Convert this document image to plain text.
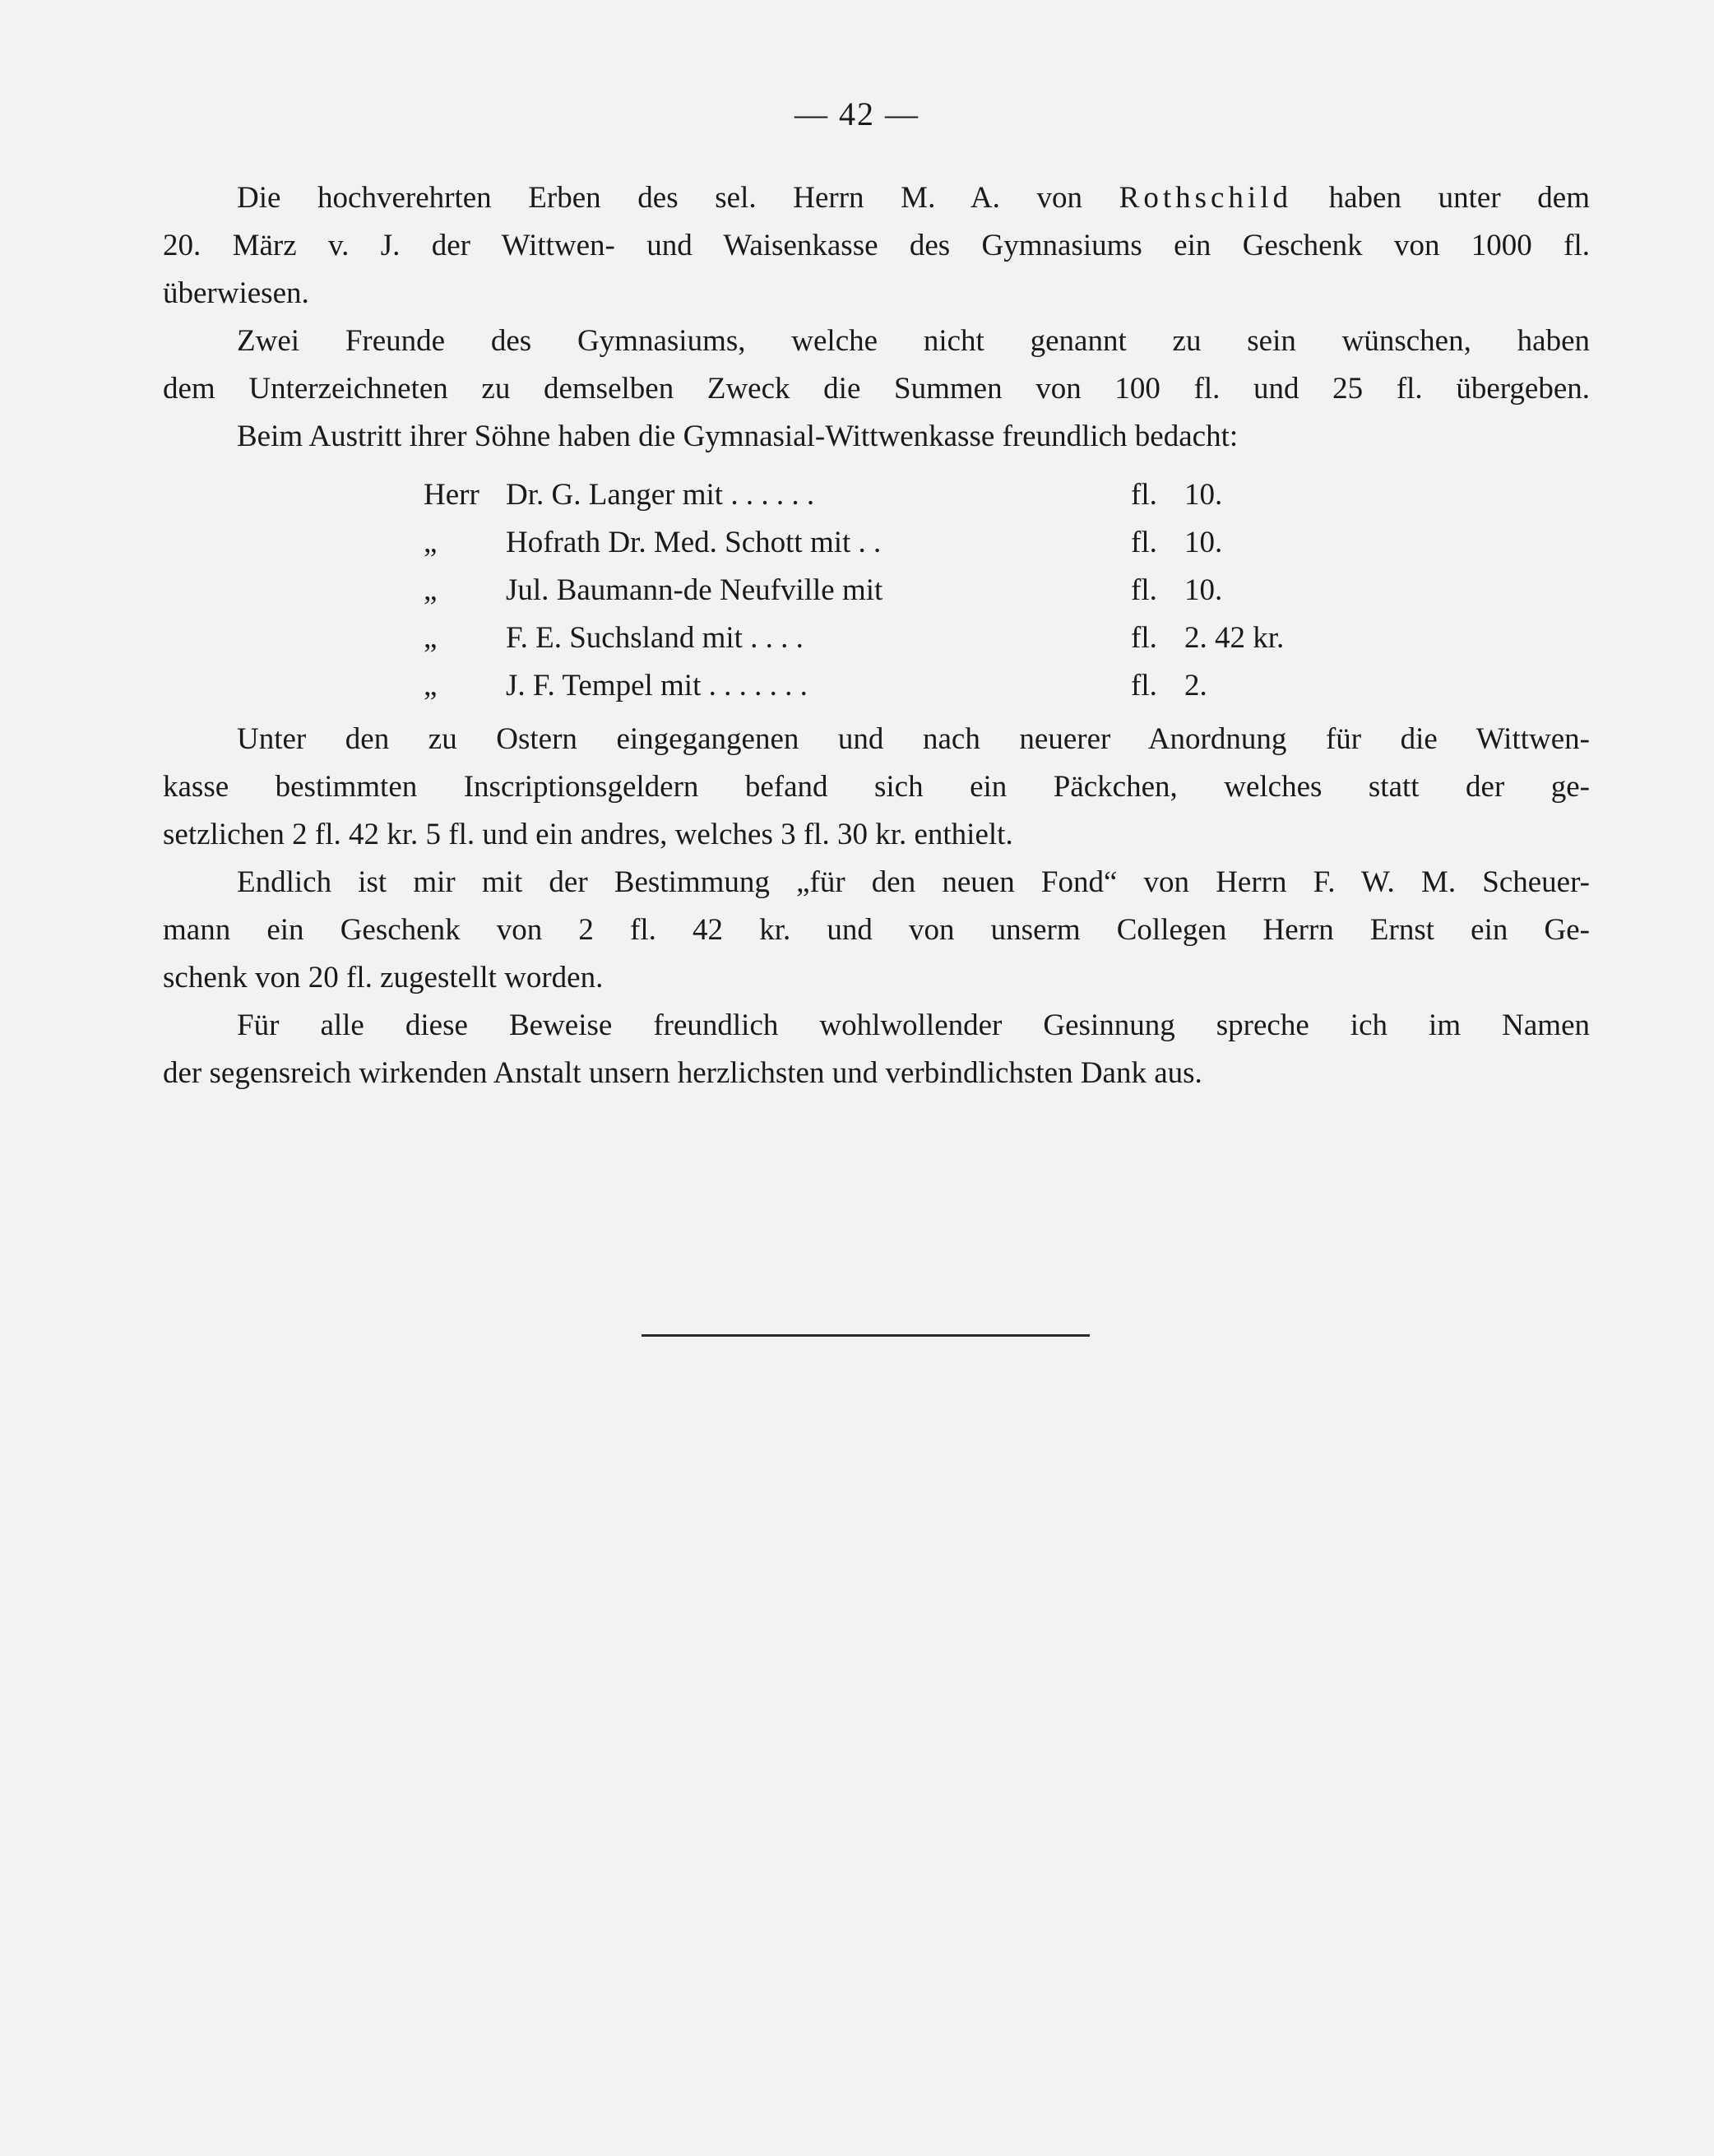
— 42 —

Die hochverehrten Erben des sel. Herrn M. A. von Rothschild haben unter dem
20. März v. J. der Wittwen- und Waisenkasse des Gymnasiums ein Geschenk von 1000 fl.
überwiesen.
Zwei Freunde des Gymnasiums, welche nicht genannt zu sein wünschen, haben
dem Unterzeichneten zu demselben Zweck die Summen von 100 fl. und 25 fl. übergeben.
Beim Austritt ihrer Söhne haben die Gymnasial-Wittwenkasse freundlich bedacht:
Herr Dr. G. Langer mit . . . . . .	fl. 10.
„	Hofrath Dr. Med. Schott mit . .	fl. 10.
„	Jul. Baumann-de Neufville mit	fl. 10.
„	F. E. Suchsland mit . . . .	fl. 2. 42 kr.
„	J. F. Tempel mit . . . . . . .	fl. 2.
Unter den zu Ostern eingegangenen und nach neuerer Anordnung für die Wittwen-
kasse bestimmten Inscriptionsgeldern befand sich ein Päckchen, welches statt der ge-
setzlichen 2 fl. 42 kr. 5 fl. und ein andres, welches 3 fl. 30 kr. enthielt.
Endlich ist mir mit der Bestimmung „für den neuen Fond“ von Herrn F. W. M. Scheuer-
mann ein Geschenk von 2 fl. 42 kr. und von unserm Collegen Herrn Ernst ein Ge-
schenk von 20 fl. zugestellt worden.
Für alle diese Beweise freundlich wohlwollender Gesinnung spreche ich im Namen
der segensreich wirkenden Anstalt unsern herzlichsten und verbindlichsten Dank aus.
